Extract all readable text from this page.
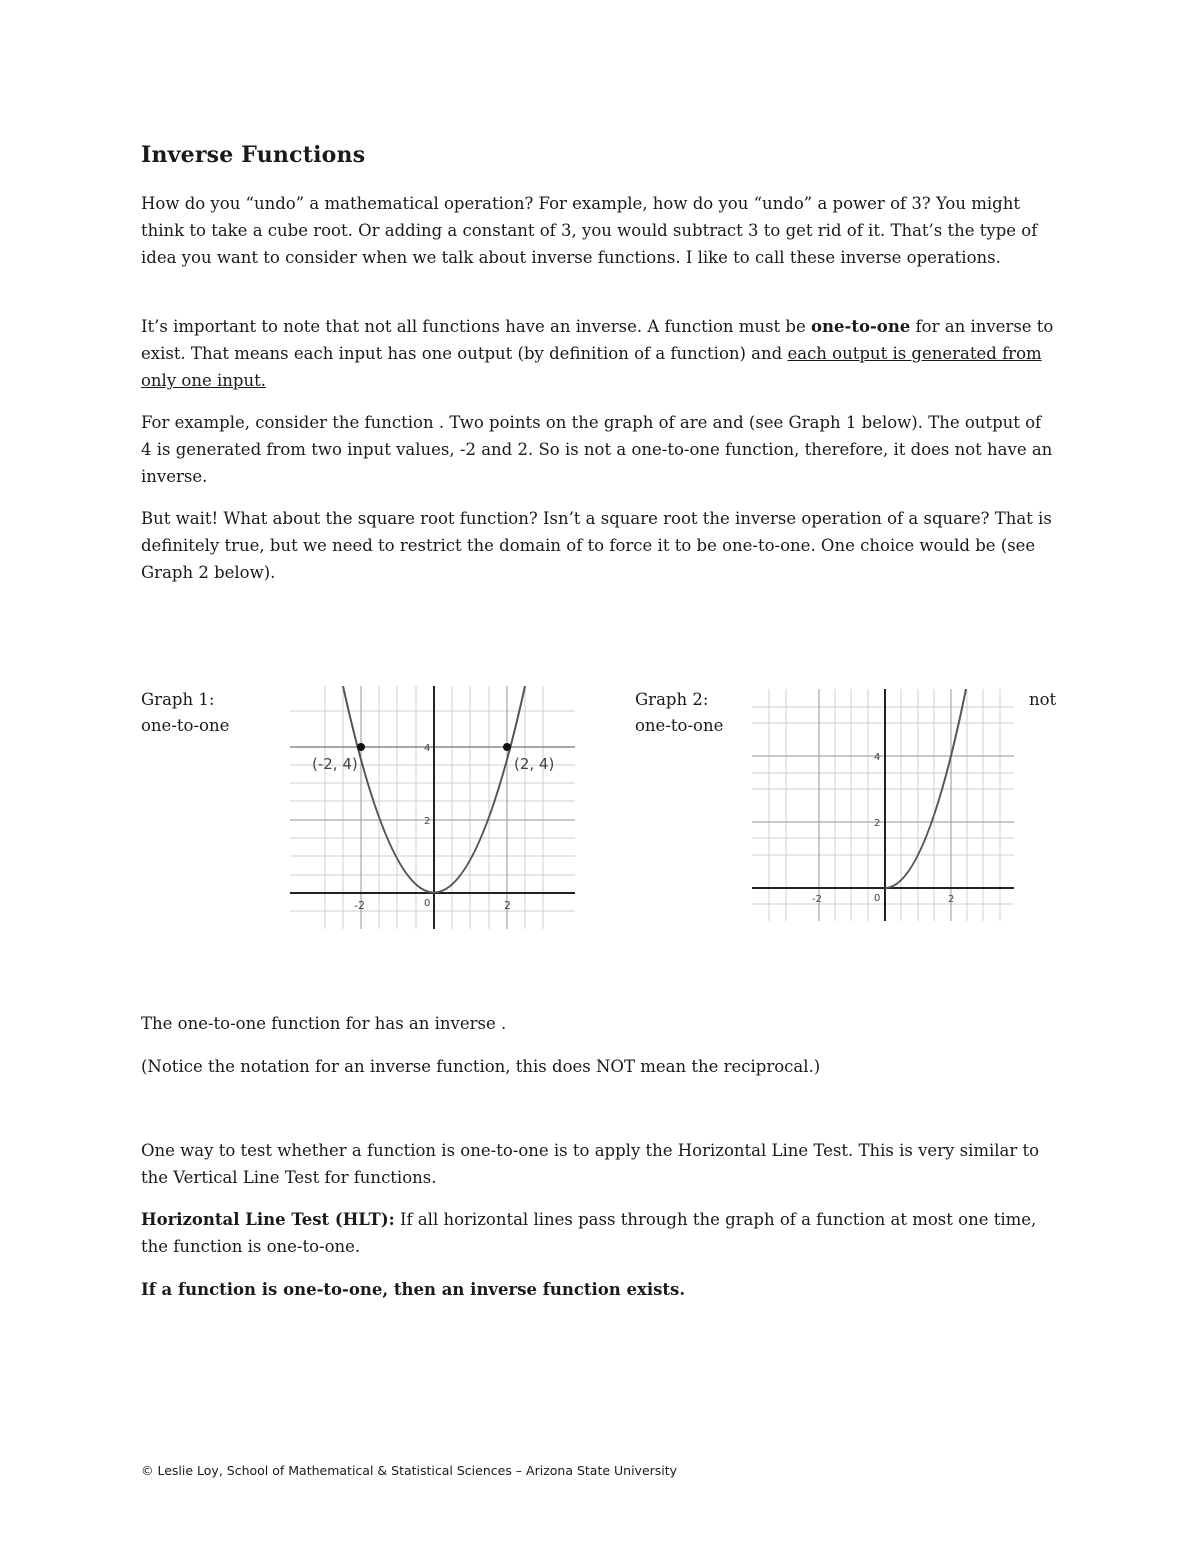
Inverse Functions

How do you “undo” a mathematical operation? For example, how do you “undo” a power of 3? You might think to take a cube root. Or adding a constant of 3, you would subtract 3 to get rid of it. That’s the type of idea you want to consider when we talk about inverse functions. I like to call these inverse operations.

It’s important to note that not all functions have an inverse. A function must be one-to-one for an inverse to exist. That means each input has one output (by definition of a function) and each output is generated from only one input.

For example, consider the function . Two points on the graph of are and (see Graph 1 below). The output of 4 is generated from two input values, -2 and 2. So is not a one-to-one function, therefore, it does not have an inverse.

But wait! What about the square root function? Isn’t a square root the inverse operation of a square? That is definitely true, but we need to restrict the domain of to force it to be one-to-one. One choice would be (see Graph 2 below).

Graph 1:
one-to-one

Graph 2:
one-to-one

not

The one-to-one function for has an inverse .

(Notice the notation for an inverse function, this does NOT mean the reciprocal.)

One way to test whether a function is one-to-one is to apply the Horizontal Line Test. This is very similar to the Vertical Line Test for functions.

Horizontal Line Test (HLT): If all horizontal lines pass through the graph of a function at most one time, the function is one-to-one.

If a function is one-to-one, then an inverse function exists.

(-2, 4)	(2, 4)
-2	0	2
2
4
-2	0	2
2
4

© Leslie Loy, School of Mathematical & Statistical Sciences – Arizona State University
